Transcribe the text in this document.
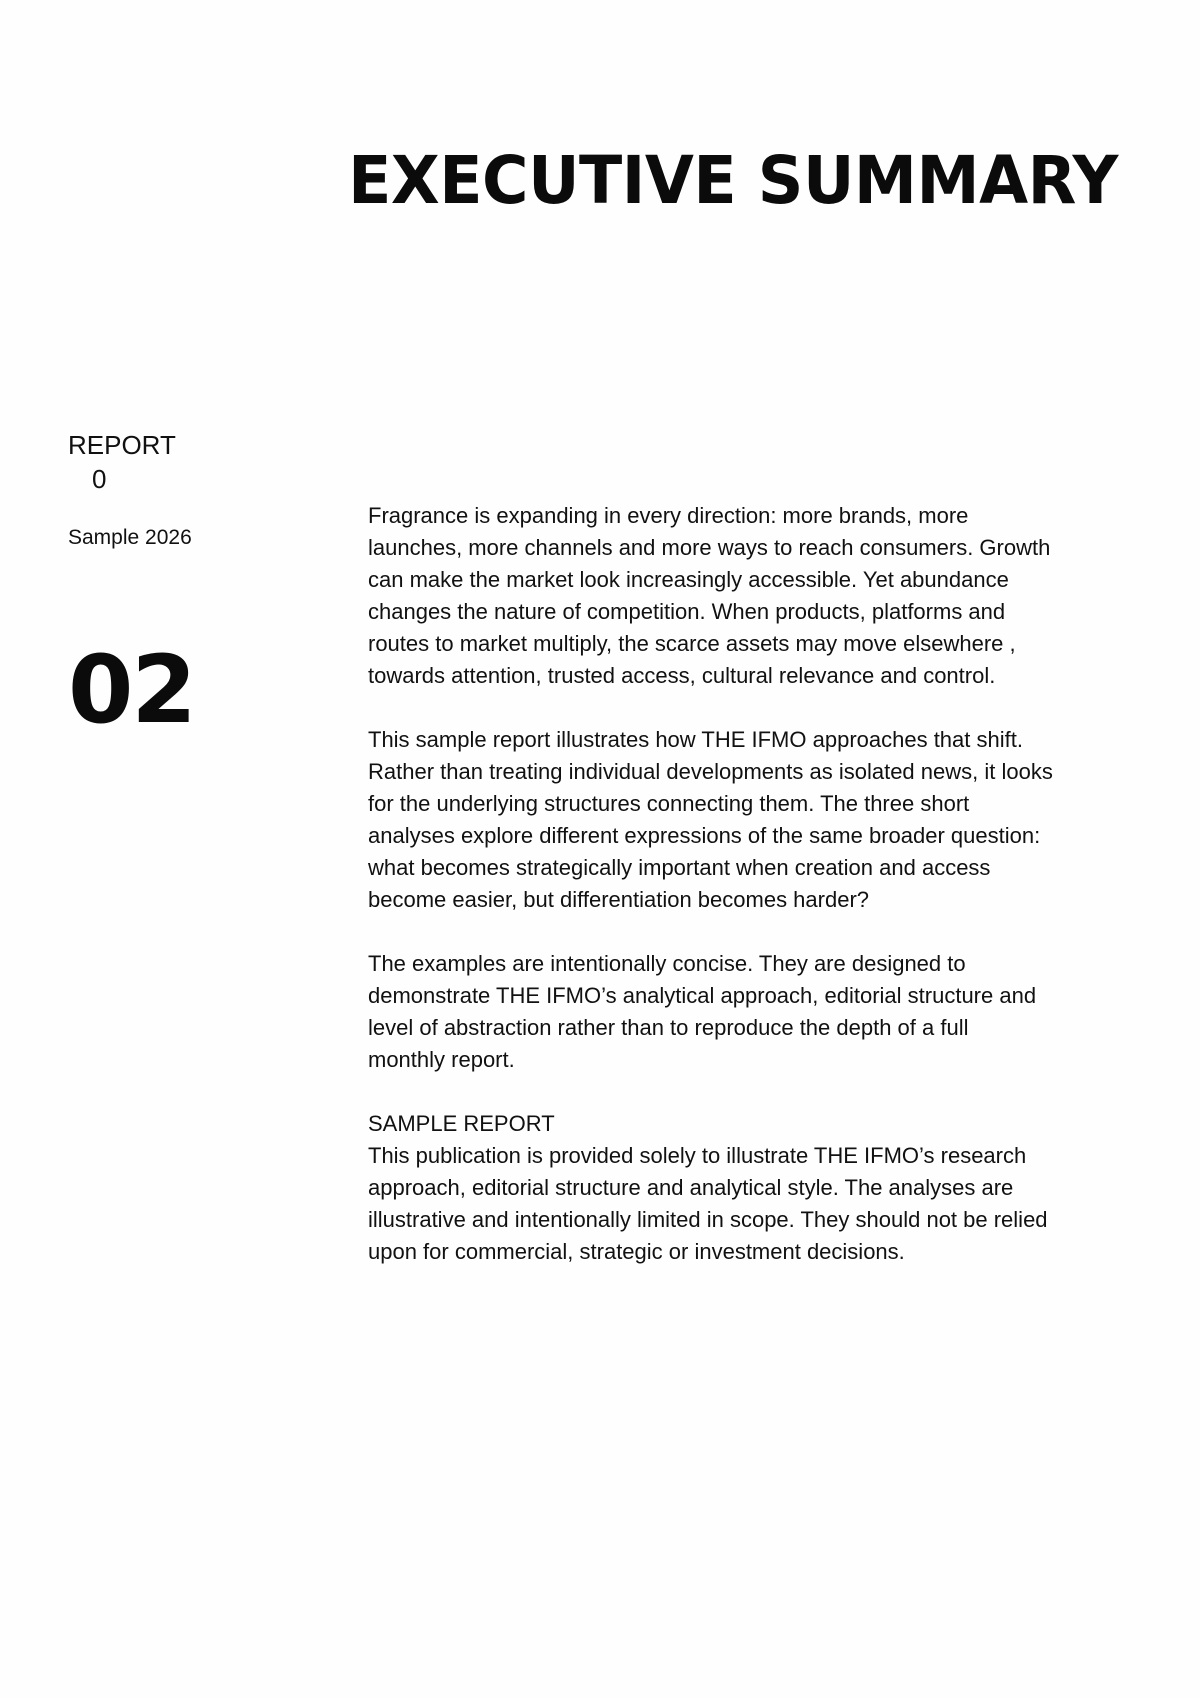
EXECUTIVE SUMMARY
REPORT
0
Sample 2026
02

Fragrance is expanding in every direction: more brands, more
launches, more channels and more ways to reach consumers. Growth
can make the market look increasingly accessible. Yet abundance
changes the nature of competition. When products, platforms and
routes to market multiply, the scarce assets may move elsewhere ,
towards attention, trusted access, cultural relevance and control.

This sample report illustrates how THE IFMO approaches that shift.
Rather than treating individual developments as isolated news, it looks
for the underlying structures connecting them. The three short
analyses explore different expressions of the same broader question:
what becomes strategically important when creation and access
become easier, but differentiation becomes harder?

The examples are intentionally concise. They are designed to
demonstrate THE IFMO’s analytical approach, editorial structure and
level of abstraction rather than to reproduce the depth of a full
monthly report.

SAMPLE REPORT
This publication is provided solely to illustrate THE IFMO’s research
approach, editorial structure and analytical style. The analyses are
illustrative and intentionally limited in scope. They should not be relied
upon for commercial, strategic or investment decisions.
